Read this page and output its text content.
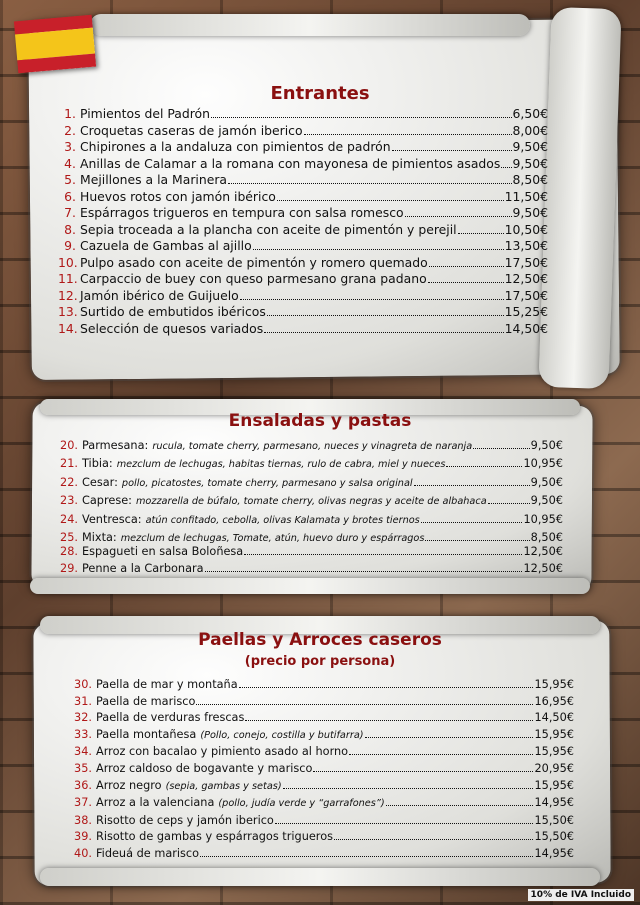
Entrantes
1. Pimientos del Padrón	6,50€
2. Croquetas caseras de jamón iberico	8,00€
3. Chipirones a la andaluza con pimientos de padrón	9,50€
4. Anillas de Calamar a la romana con mayonesa de pimientos asados 9,50€
5. Mejillones a la Marinera	8,50€
6. Huevos rotos con jamón ibérico	11,50€
7. Espárragos trigueros en tempura con salsa romesco	9,50€
8. Sepia troceada a la plancha con aceite de pimentón y perejil	10,50€
9. Cazuela de Gambas al ajillo	13,50€
10. Pulpo asado con aceite de pimentón y romero quemado	17,50€
11. Carpaccio de buey con queso parmesano grana padano	12,50€
12. Jamón ibérico de Guijuelo	17,50€
13. Surtido de embutidos ibéricos	15,25€
14. Selección de quesos variados	14,50€
Ensaladas y pastas
20. Parmesana: rucula, tomate cherry, parmesano, nueces y vinagreta de naranja	9,50€
21. Tibia: mezclum de lechugas, habitas tiernas, rulo de cabra, miel y nueces	10,95€
22. Cesar: pollo, picatostes, tomate cherry, parmesano y salsa original	9,50€
23. Caprese: mozzarella de búfalo, tomate cherry, olivas negras y aceite de albahaca	9,50€
24. Ventresca: atún confitado, cebolla, olivas Kalamata y brotes tiernos	10,95€
25. Mixta: mezclum de lechugas, Tomate, atún, huevo duro y espárragos	8,50€
28. Espagueti en salsa Boloñesa	12,50€
29. Penne a la Carbonara	12,50€
Paellas y Arroces caseros
(precio por persona)
30. Paella de mar y montaña	15,95€
31. Paella de marisco	16,95€
32. Paella de verduras frescas	14,50€
33. Paella montañesa (Pollo, conejo, costilla y butifarra)	15,95€
34. Arroz con bacalao y pimiento asado al horno	15,95€
35. Arroz caldoso de bogavante y marisco	20,95€
36. Arroz negro (sepia, gambas y setas)	15,95€
37. Arroz a la valenciana (pollo, judía verde y “garrafones”)	14,95€
38. Risotto de ceps y jamón iberico	15,50€
39. Risotto de gambas y espárragos trigueros	15,50€
40. Fideuá de marisco	14,95€
10% de IVA Incluido
